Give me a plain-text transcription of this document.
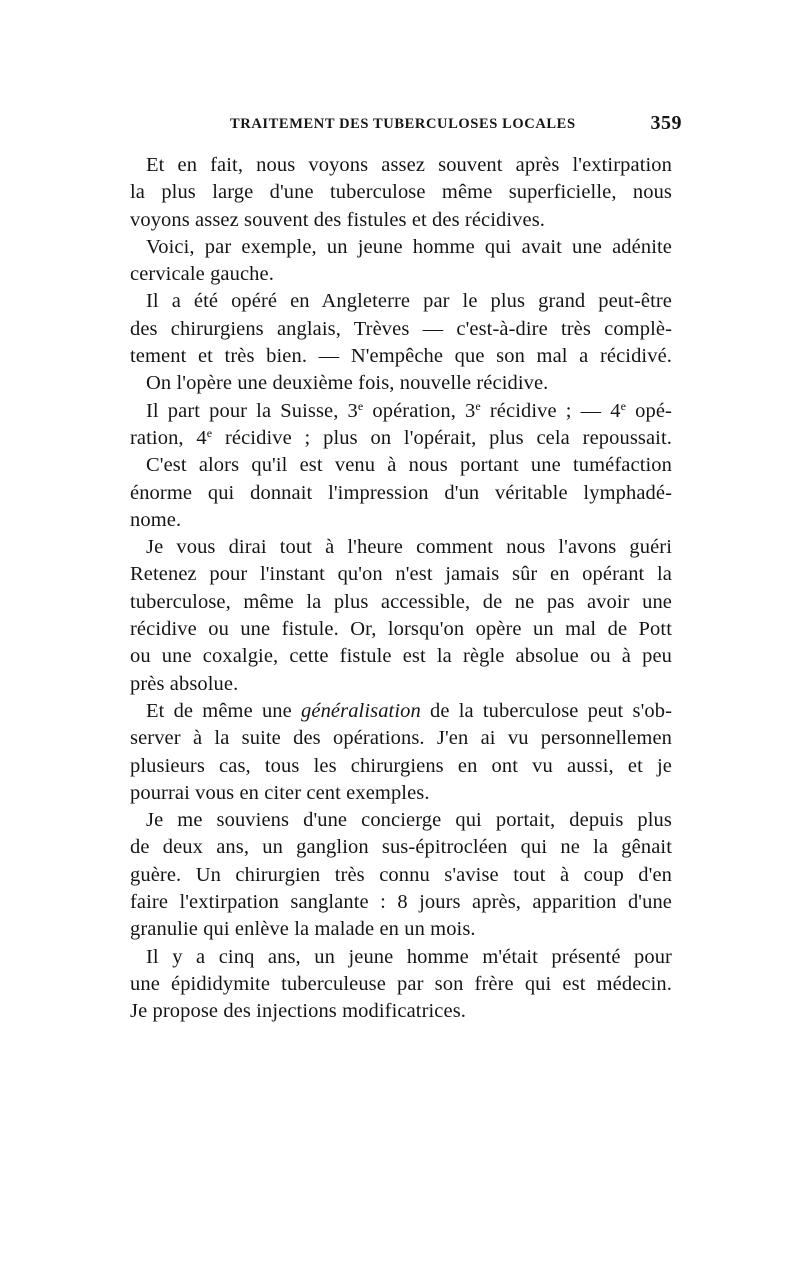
TRAITEMENT DES TUBERCULOSES LOCALES	359
Et en fait, nous voyons assez souvent après l'extirpation
la plus large d'une tuberculose même superficielle, nous
voyons assez souvent des fistules et des récidives.
Voici, par exemple, un jeune homme qui avait une adénite
cervicale gauche.
Il a été opéré en Angleterre par le plus grand peut-être
des chirurgiens anglais, Trèves — c'est-à-dire très complè-
tement et très bien. — N'empêche que son mal a récidivé.
On l'opère une deuxième fois, nouvelle récidive.
Il part pour la Suisse, 3e opération, 3e récidive ; — 4e opé-
ration, 4e récidive ; plus on l'opérait, plus cela repoussait.
C'est alors qu'il est venu à nous portant une tuméfaction
énorme qui donnait l'impression d'un véritable lymphadé-
nome.
Je vous dirai tout à l'heure comment nous l'avons guéri
Retenez pour l'instant qu'on n'est jamais sûr en opérant la
tuberculose, même la plus accessible, de ne pas avoir une
récidive ou une fistule. Or, lorsqu'on opère un mal de Pott
ou une coxalgie, cette fistule est la règle absolue ou à peu
près absolue.
Et de même une généralisation de la tuberculose peut s'ob-
server à la suite des opérations. J'en ai vu personnellemen
plusieurs cas, tous les chirurgiens en ont vu aussi, et je
pourrai vous en citer cent exemples.
Je me souviens d'une concierge qui portait, depuis plus
de deux ans, un ganglion sus-épitrocléen qui ne la gênait
guère. Un chirurgien très connu s'avise tout à coup d'en
faire l'extirpation sanglante : 8 jours après, apparition d'une
granulie qui enlève la malade en un mois.
Il y a cinq ans, un jeune homme m'était présenté pour
une épididymite tuberculeuse par son frère qui est médecin.
Je propose des injections modificatrices.
